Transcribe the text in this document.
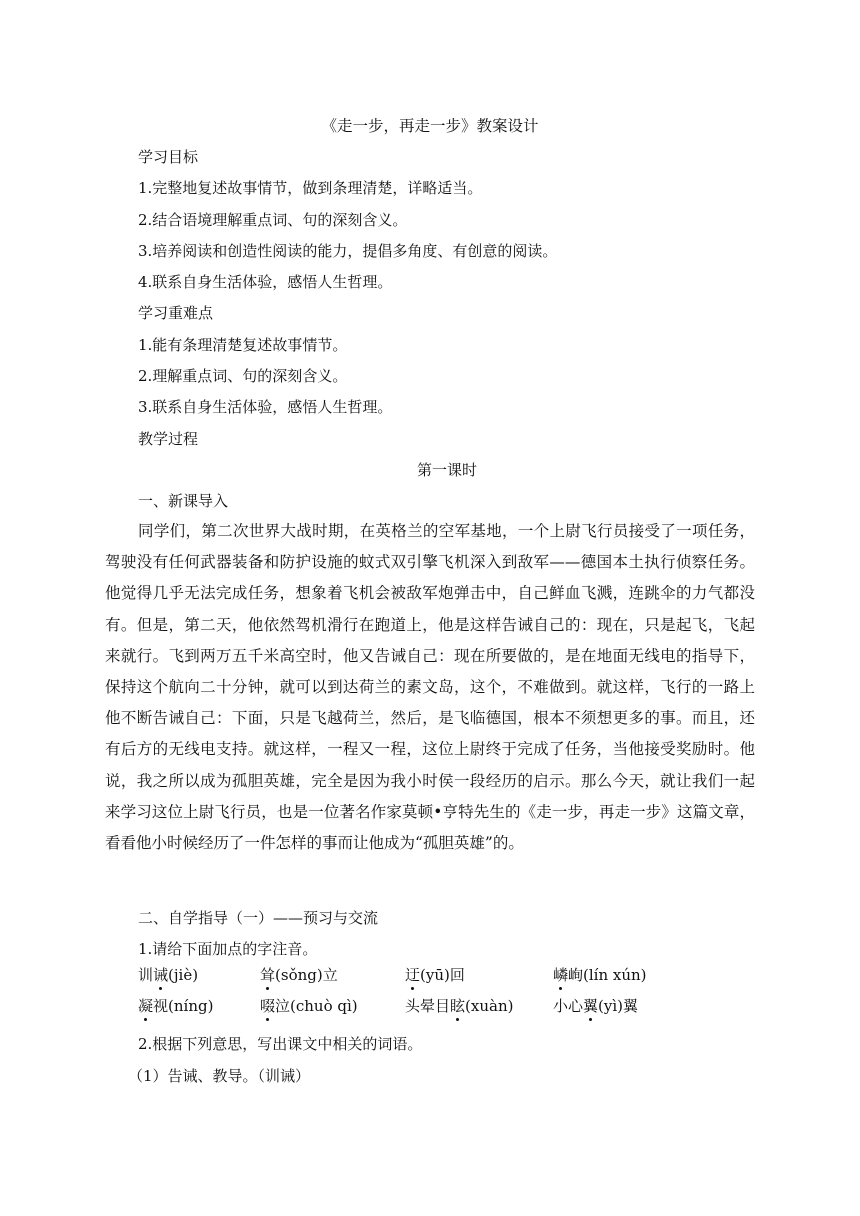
《走一步，再走一步》教案设计
学习目标
1.完整地复述故事情节，做到条理清楚，详略适当。
2.结合语境理解重点词、句的深刻含义。
3.培养阅读和创造性阅读的能力，提倡多角度、有创意的阅读。
4.联系自身生活体验，感悟人生哲理。
学习重难点
1.能有条理清楚复述故事情节。
2.理解重点词、句的深刻含义。
3.联系自身生活体验，感悟人生哲理。
教学过程
第一课时
一、新课导入

同学们，第二次世界大战时期，在英格兰的空军基地，一个上尉飞行员接受了一项任务，驾驶没有任何武器装备和防护设施的蚊式双引擎飞机深入到敌军——德国本土执行侦察任务。他觉得几乎无法完成任务，想象着飞机会被敌军炮弹击中，自己鲜血飞溅，连跳伞的力气都没有。但是，第二天，他依然驾机滑行在跑道上，他是这样告诫自己的：现在，只是起飞，飞起来就行。飞到两万五千米高空时，他又告诫自己：现在所要做的，是在地面无线电的指导下，保持这个航向二十分钟，就可以到达荷兰的素文岛，这个，不难做到。就这样，飞行的一路上他不断告诫自己：下面，只是飞越荷兰，然后，是飞临德国，根本不须想更多的事。而且，还有后方的无线电支持。就这样，一程又一程，这位上尉终于完成了任务，当他接受奖励时。他说，我之所以成为孤胆英雄，完全是因为我小时侯一段经历的启示。那么今天，就让我们一起来学习这位上尉飞行员，也是一位著名作家莫顿•亨特先生的《走一步，再走一步》这篇文章，看看他小时候经历了一件怎样的事而让他成为“孤胆英雄”的。

二、自学指导（一）——预习与交流
1.请给下面加点的字注音。
训诫(jiè)	耸(sǒng)立	迂(yū)回	嶙峋(lín xún)
凝视(níng)	啜泣(chuò qì)	头晕目眩(xuàn)	小心翼(yì)翼
2.根据下列意思，写出课文中相关的词语。
（1）告诫、教导。（训诫）
